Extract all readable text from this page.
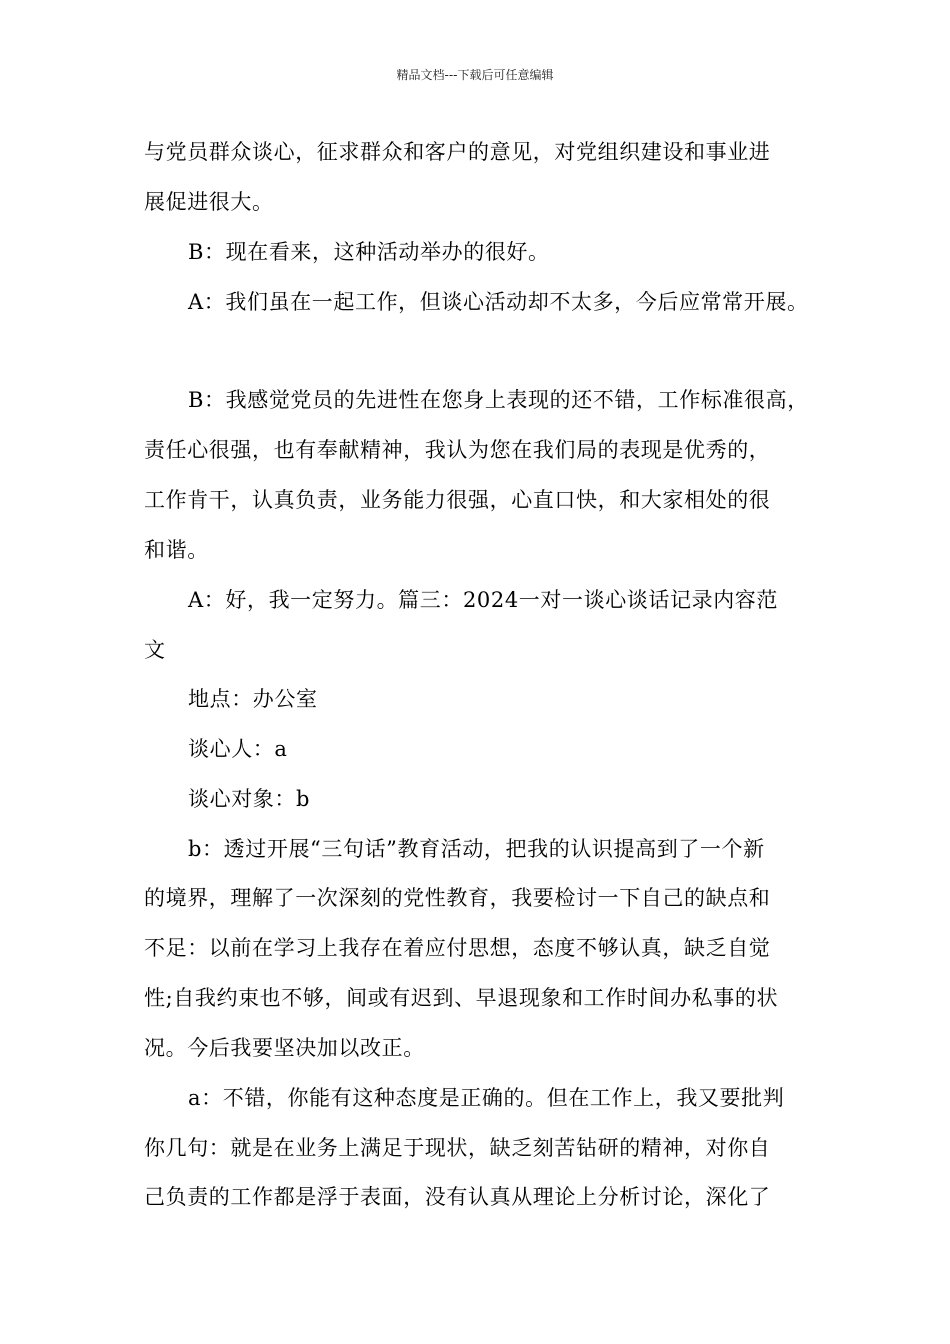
精品文档---下载后可任意编辑
与党员群众谈心，征求群众和客户的意见，对党组织建设和事业进
展促进很大。
B：现在看来，这种活动举办的很好。
A：我们虽在一起工作，但谈心活动却不太多，今后应常常开展。
B：我感觉党员的先进性在您身上表现的还不错，工作标准很高，
责任心很强，也有奉献精神，我认为您在我们局的表现是优秀的，
工作肯干，认真负责，业务能力很强，心直口快，和大家相处的很
和谐。
A：好，我一定努力。篇三：2024一对一谈心谈话记录内容范
文
地点：办公室
谈心人：a
谈心对象：b
b：透过开展“三句话”教育活动，把我的认识提高到了一个新
的境界，理解了一次深刻的党性教育，我要检讨一下自己的缺点和
不足：以前在学习上我存在着应付思想，态度不够认真，缺乏自觉
性;自我约束也不够，间或有迟到、早退现象和工作时间办私事的状
况。今后我要坚决加以改正。
a：不错，你能有这种态度是正确的。但在工作上，我又要批判
你几句：就是在业务上满足于现状，缺乏刻苦钻研的精神，对你自
己负责的工作都是浮于表面，没有认真从理论上分析讨论，深化了
